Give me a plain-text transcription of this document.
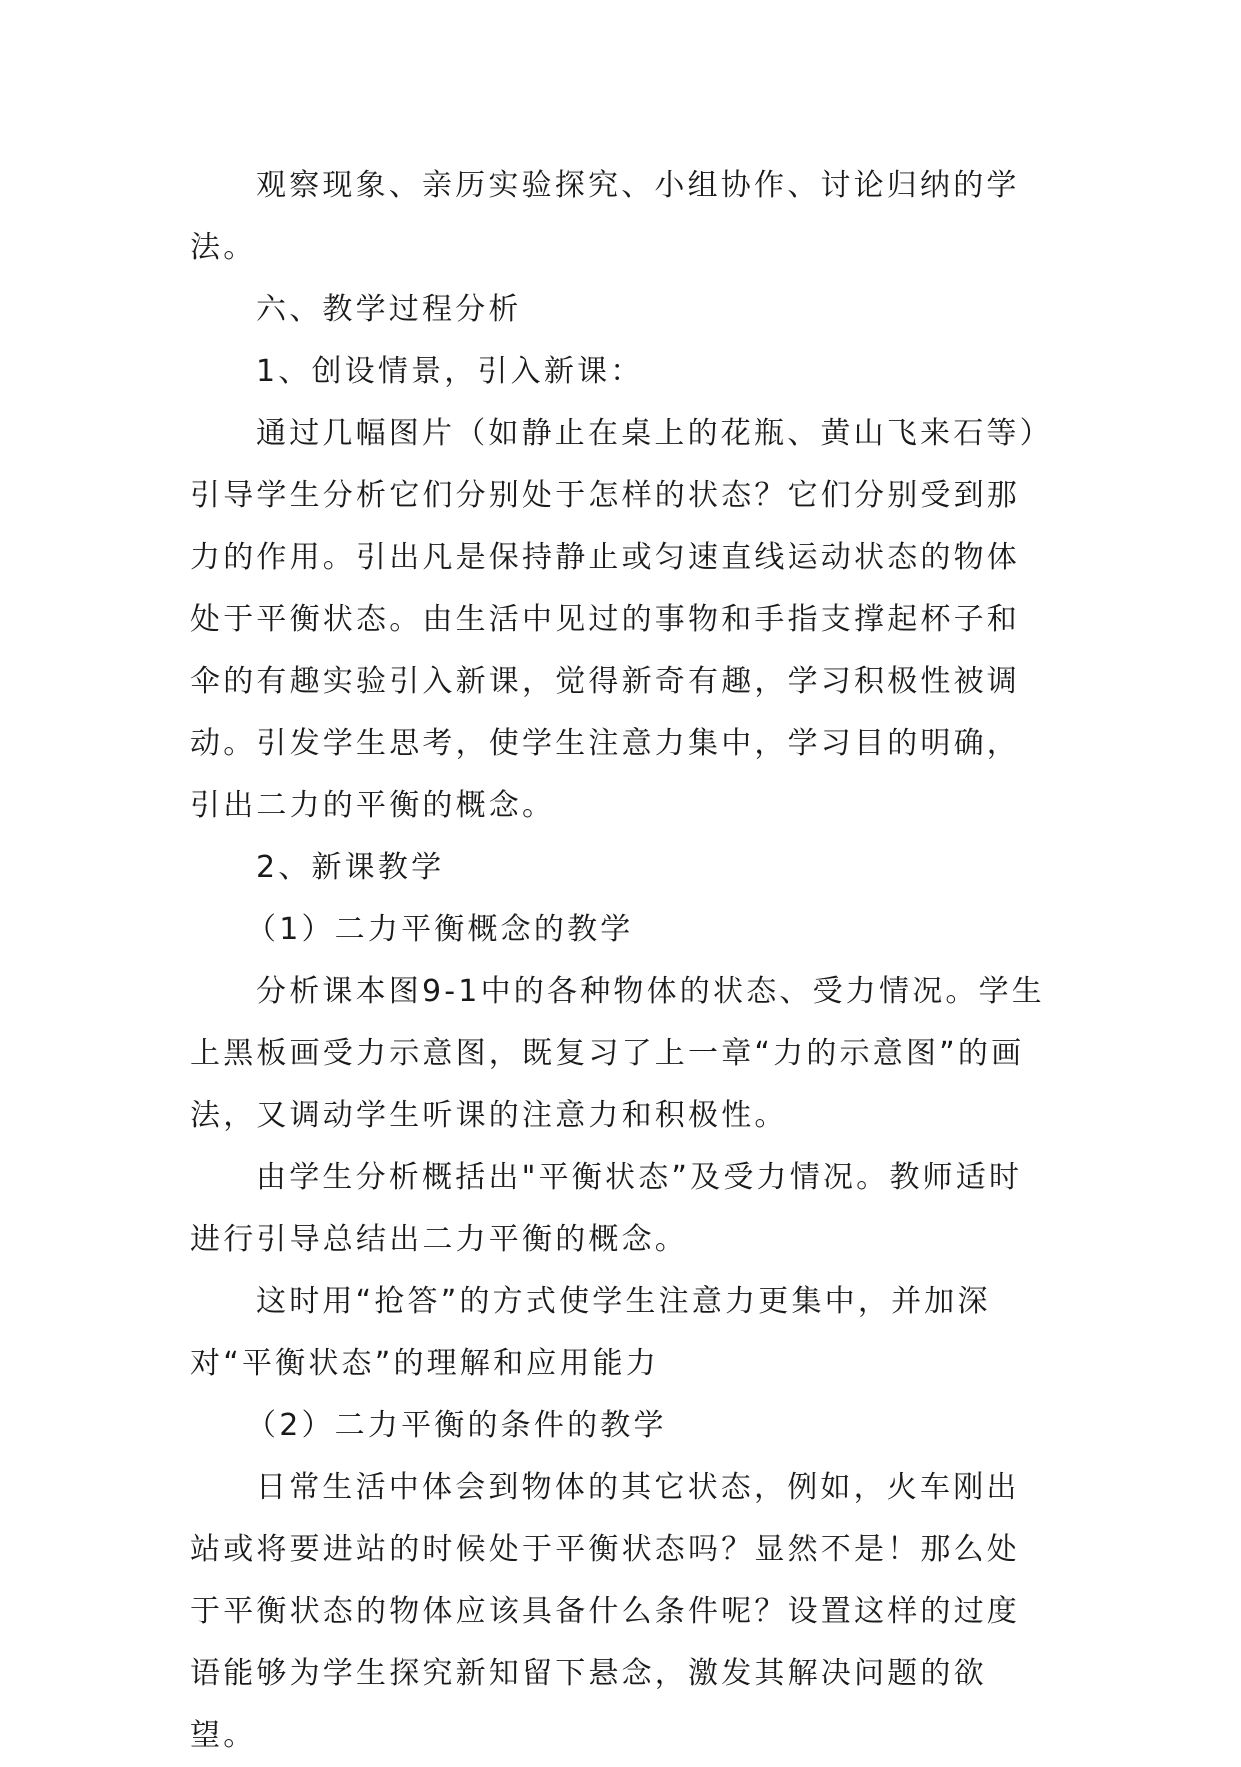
观察现象、亲历实验探究、小组协作、讨论归纳的学法。

六、教学过程分析

1、创设情景，引入新课：

通过几幅图片（如静止在桌上的花瓶、黄山飞来石等）引导学生分析它们分别处于怎样的状态？它们分别受到那力的作用。引出凡是保持静止或匀速直线运动状态的物体处于平衡状态。由生活中见过的事物和手指支撑起杯子和伞的有趣实验引入新课，觉得新奇有趣，学习积极性被调动。引发学生思考，使学生注意力集中，学习目的明确，引出二力的平衡的概念。

2、新课教学

（1）二力平衡概念的教学

分析课本图9-1中的各种物体的状态、受力情况。学生上黑板画受力示意图，既复习了上一章“力的示意图”的画法，又调动学生听课的注意力和积极性。

由学生分析概括出"平衡状态”及受力情况。教师适时进行引导总结出二力平衡的概念。

这时用“抢答”的方式使学生注意力更集中，并加深对“平衡状态”的理解和应用能力

（2）二力平衡的条件的教学

日常生活中体会到物体的其它状态，例如，火车刚出站或将要进站的时候处于平衡状态吗？显然不是！那么处于平衡状态的物体应该具备什么条件呢？设置这样的过度语能够为学生探究新知留下悬念，激发其解决问题的欲望。
